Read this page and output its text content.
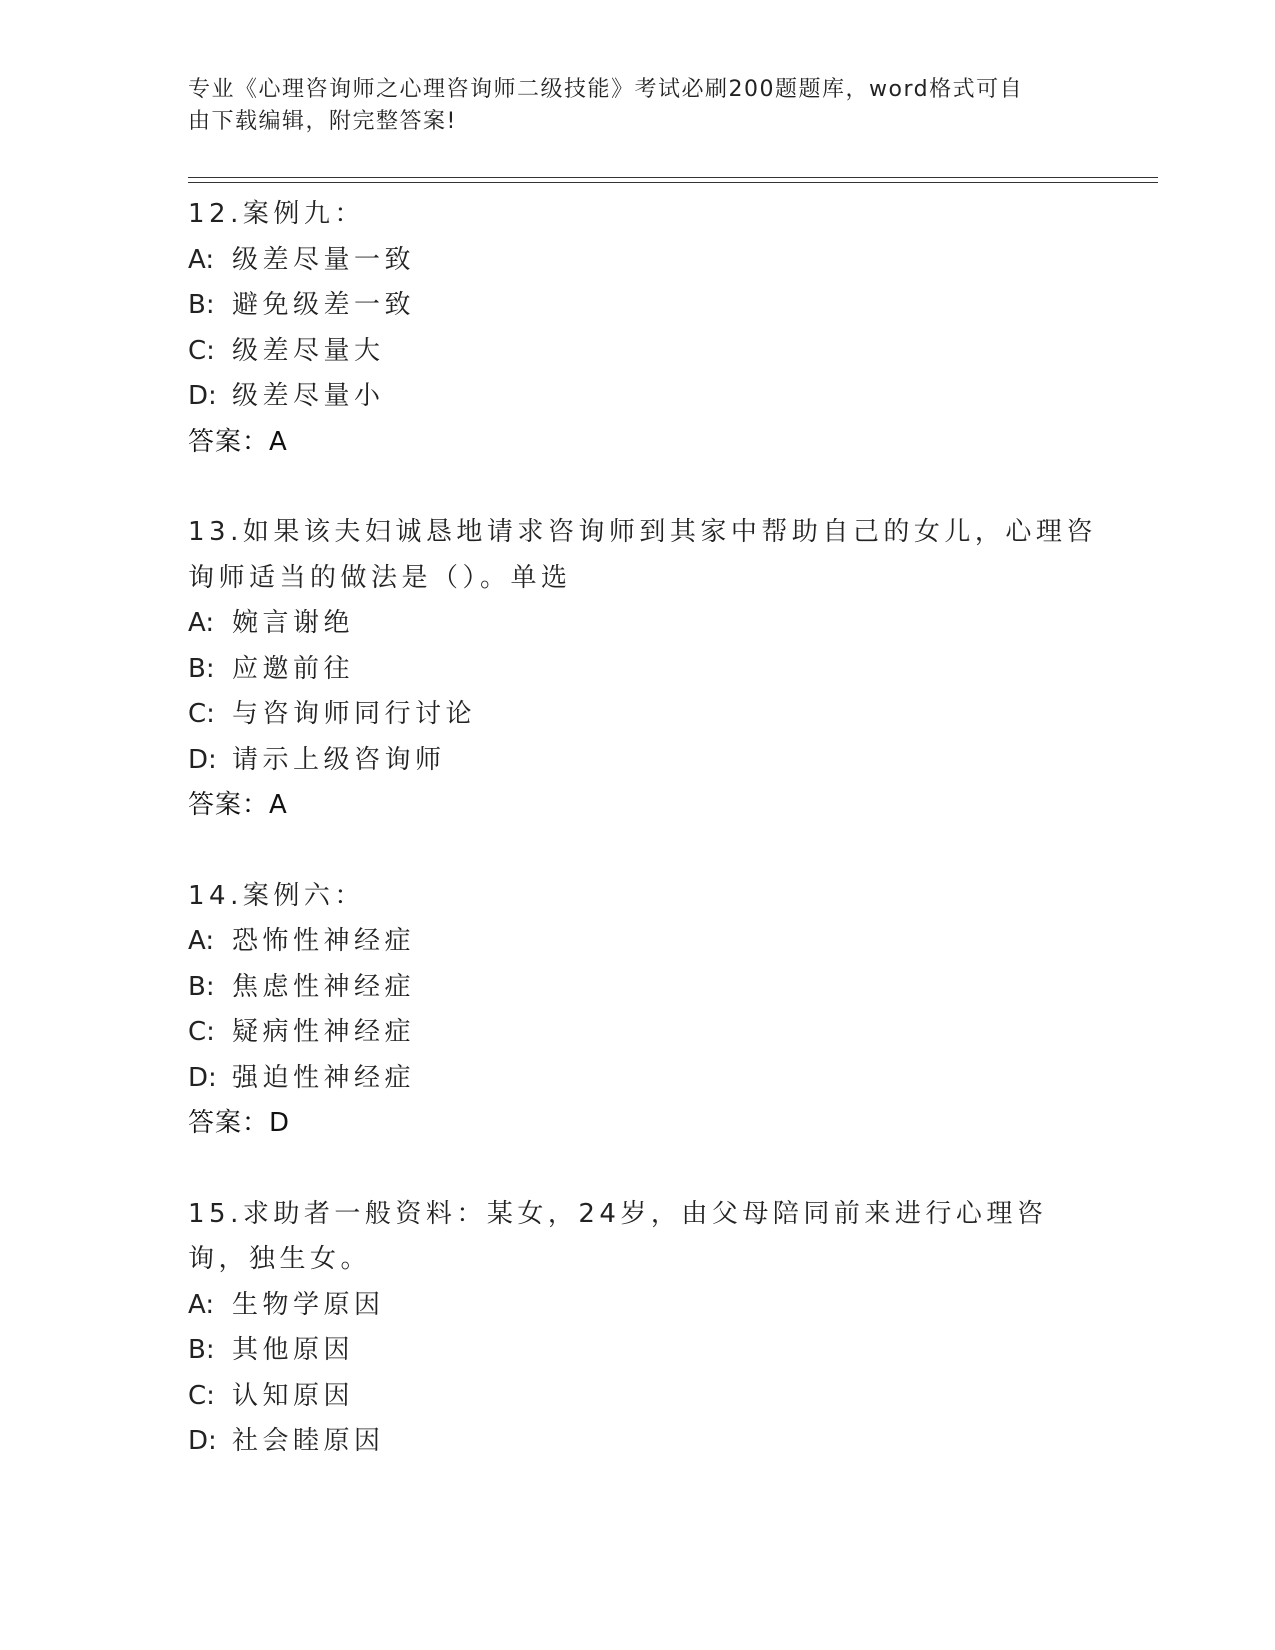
专业《心理咨询师之心理咨询师二级技能》考试必刷200题题库，word格式可自
由下载编辑，附完整答案!

12.案例九：

A: 级差尽量一致
B: 避免级差一致
C: 级差尽量大
D: 级差尽量小

答案：A

13.如果该夫妇诚恳地请求咨询师到其家中帮助自己的女儿，心理咨询师适当的做法是（）。单选

A: 婉言谢绝
B: 应邀前往
C: 与咨询师同行讨论
D: 请示上级咨询师

答案：A

14.案例六：

A: 恐怖性神经症
B: 焦虑性神经症
C: 疑病性神经症
D: 强迫性神经症

答案：D

15.求助者一般资料：某女，24岁，由父母陪同前来进行心理咨询，独生女。

A: 生物学原因
B: 其他原因
C: 认知原因
D: 社会睦原因
